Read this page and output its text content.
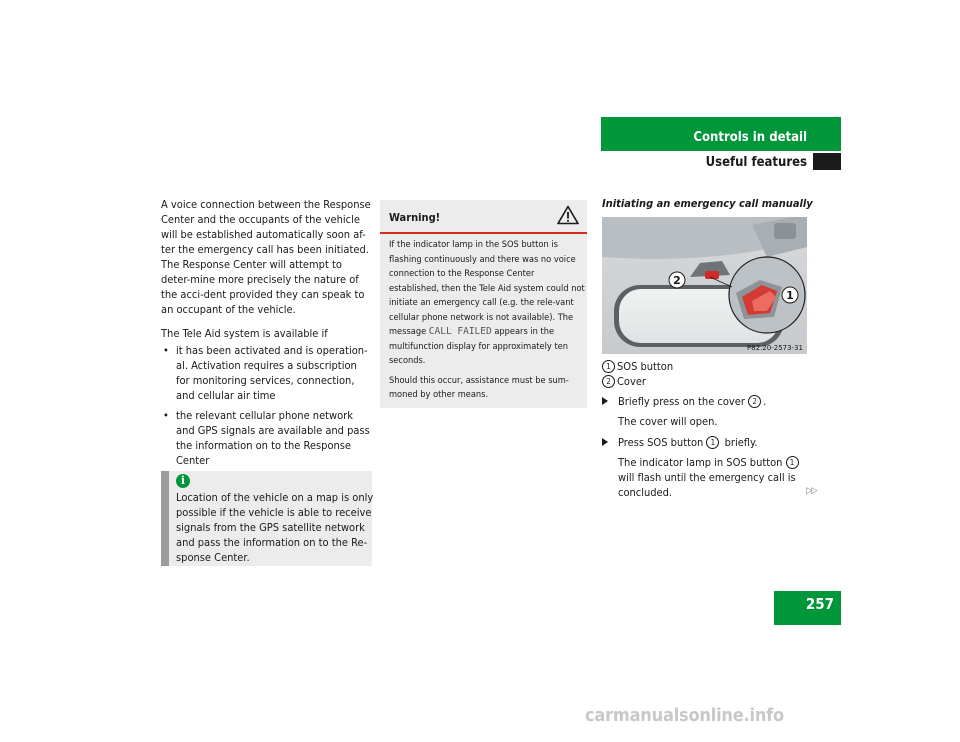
Controls in detail
Useful features
A voice connection between the Response Center and the occupants of the vehicle will be established automatically soon af-ter the emergency call has been initiated. The Response Center will attempt to deter-mine more precisely the nature of the acci-dent provided they can speak to an occupant of the vehicle.
The Tele Aid system is available if
• it has been activated and is operation-al. Activation requires a subscription for monitoring services, connection, and cellular air time
• the relevant cellular phone network and GPS signals are available and pass the information on to the Response Center
i
Location of the vehicle on a map is only possible if the vehicle is able to receive signals from the GPS satellite network and pass the information on to the Re-sponse Center.
Warning!
If the indicator lamp in the SOS button is flashing continuously and there was no voice connection to the Response Center established, then the Tele Aid system could not initiate an emergency call (e.g. the rele-vant cellular phone network is not available). The message CALL FAILED appears in the multifunction display for approximately ten seconds.
Should this occur, assistance must be sum-moned by other means.
Initiating an emergency call manually
2
1
P82.20-2573-31
1 SOS button
2 Cover
Briefly press on the cover 2 .
The cover will open.
Press SOS button 1 briefly.
The indicator lamp in SOS button 1 will flash until the emergency call is concluded.	▷▷
257
carmanualsonline.info
